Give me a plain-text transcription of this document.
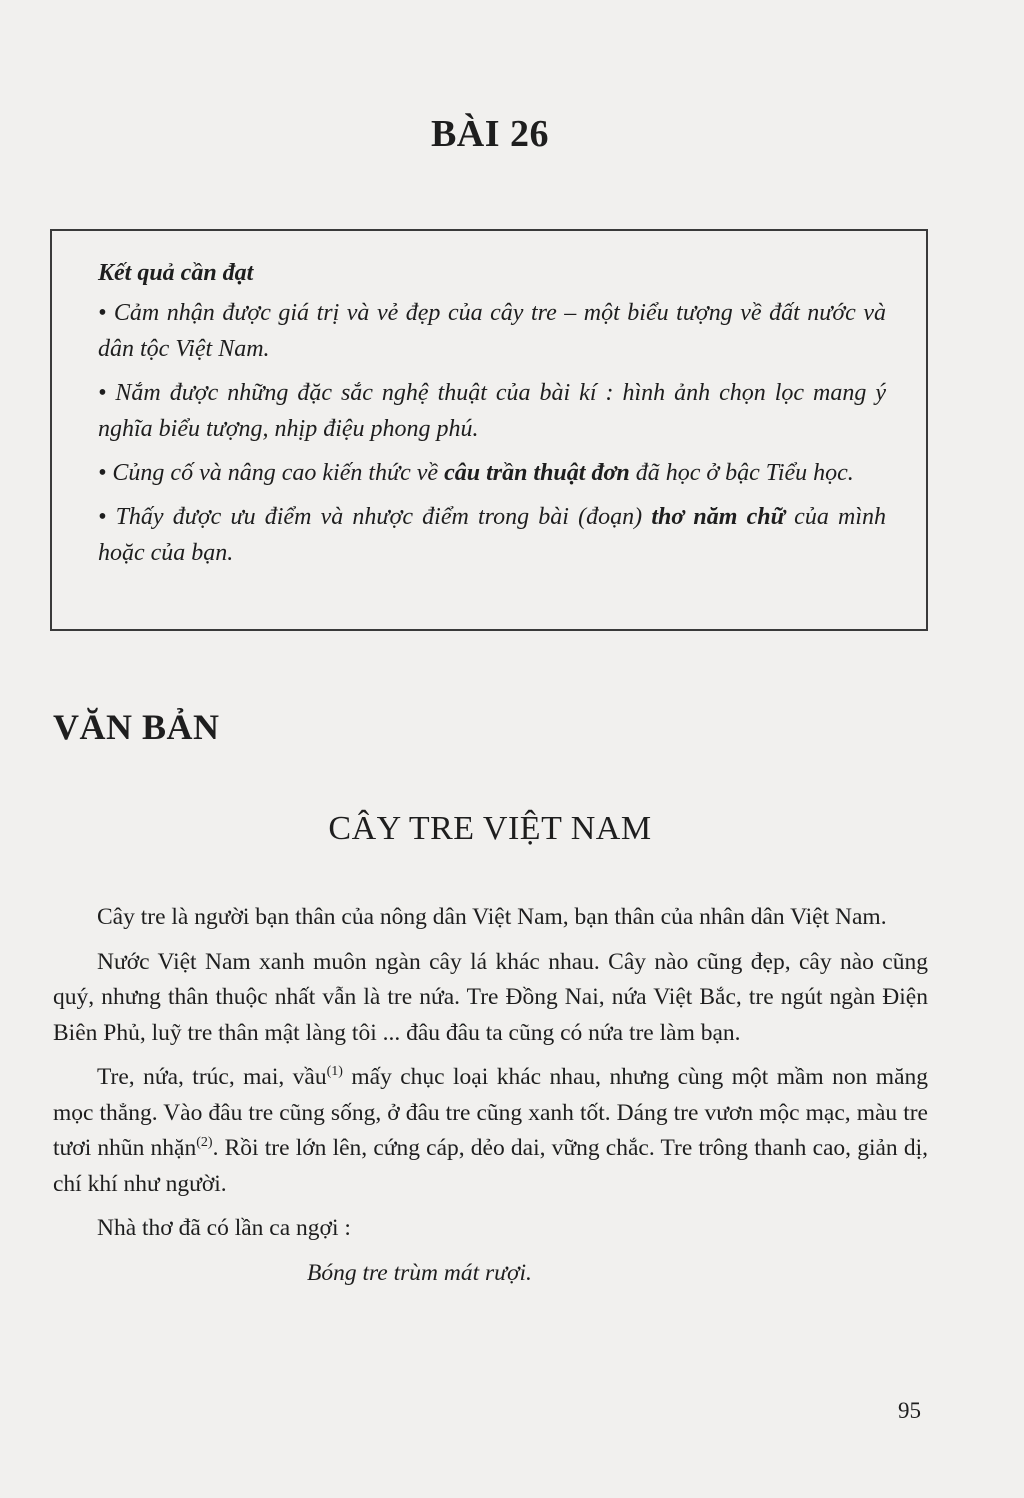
BÀI 26
Kết quả cần đạt
• Cảm nhận được giá trị và vẻ đẹp của cây tre – một biểu tượng về đất nước và dân tộc Việt Nam.
• Nắm được những đặc sắc nghệ thuật của bài kí : hình ảnh chọn lọc mang ý nghĩa biểu tượng, nhịp điệu phong phú.
• Củng cố và nâng cao kiến thức về câu trần thuật đơn đã học ở bậc Tiểu học.
• Thấy được ưu điểm và nhược điểm trong bài (đoạn) thơ năm chữ của mình hoặc của bạn.
VĂN BẢN
CÂY TRE VIỆT NAM

Cây tre là người bạn thân của nông dân Việt Nam, bạn thân của nhân dân Việt Nam.

Nước Việt Nam xanh muôn ngàn cây lá khác nhau. Cây nào cũng đẹp, cây nào cũng quý, nhưng thân thuộc nhất vẫn là tre nứa. Tre Đồng Nai, nứa Việt Bắc, tre ngút ngàn Điện Biên Phủ, luỹ tre thân mật làng tôi ... đâu đâu ta cũng có nứa tre làm bạn.

Tre, nứa, trúc, mai, vầu$^{(1)}$ mấy chục loại khác nhau, nhưng cùng một mầm non măng mọc thẳng. Vào đâu tre cũng sống, ở đâu tre cũng xanh tốt. Dáng tre vươn mộc mạc, màu tre tươi nhũn nhặn$^{(2)}$. Rồi tre lớn lên, cứng cáp, dẻo dai, vững chắc. Tre trông thanh cao, giản dị, chí khí như người.

Nhà thơ đã có lần ca ngợi :

Bóng tre trùm mát rượi.
95
